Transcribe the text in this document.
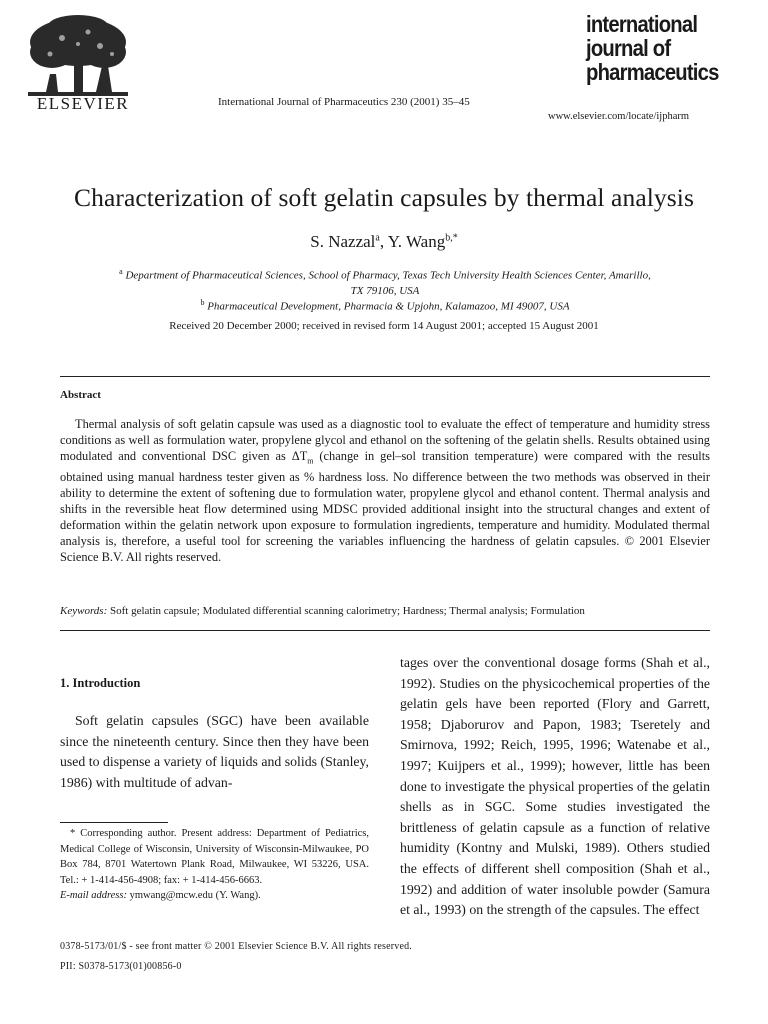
ELSEVIER	International Journal of Pharmaceutics 230 (2001) 35–45
international
journal of
pharmaceutics
www.elsevier.com/locate/ijpharm
Characterization of soft gelatin capsules by thermal analysis
S. Nazzal$^a$, Y. Wang$^{b,*}$
$^a$ Department of Pharmaceutical Sciences, School of Pharmacy, Texas Tech University Health Sciences Center, Amarillo,
TX 79106, USA
$^b$ Pharmaceutical Development, Pharmacia & Upjohn, Kalamazoo, MI 49007, USA
Received 20 December 2000; received in revised form 14 August 2001; accepted 15 August 2001
Abstract
Thermal analysis of soft gelatin capsule was used as a diagnostic tool to evaluate the effect of temperature and humidity stress conditions as well as formulation water, propylene glycol and ethanol on the softening of the gelatin shells. Results obtained using modulated and conventional DSC given as $\Delta T_m$ (change in gel–sol transition temperature) were compared with the results obtained using manual hardness tester given as % hardness loss. No difference between the two methods was observed in their ability to determine the extent of softening due to formulation water, propylene glycol and ethanol content. Thermal analysis and shifts in the reversible heat flow determined using MDSC provided additional insight into the structural changes and extent of deformation within the gelatin network upon exposure to formulation ingredients, temperature and humidity. Modulated thermal analysis is, therefore, a useful tool for screening the variables influencing the hardness of gelatin capsules. © 2001 Elsevier Science B.V. All rights reserved.
Keywords: Soft gelatin capsule; Modulated differential scanning calorimetry; Hardness; Thermal analysis; Formulation
1. Introduction
Soft gelatin capsules (SGC) have been available since the nineteenth century. Since then they have been used to dispense a variety of liquids and solids (Stanley, 1986) with multitude of advan-
* Corresponding author. Present address: Department of Pediatrics, Medical College of Wisconsin, University of Wisconsin-Milwaukee, PO Box 784, 8701 Watertown Plank Road, Milwaukee, WI 53226, USA. Tel.: + 1-414-456-4908; fax: + 1-414-456-6663.
E-mail address: ymwang@mcw.edu (Y. Wang).
tages over the conventional dosage forms (Shah et al., 1992). Studies on the physicochemical properties of the gelatin gels have been reported (Flory and Garrett, 1958; Djaborurov and Papon, 1983; Tseretely and Smirnova, 1992; Reich, 1995, 1996; Watenabe et al., 1997; Kuijpers et al., 1999); however, little has been done to investigate the physical properties of the gelatin shells as in SGC. Some studies investigated the brittleness of gelatin capsule as a function of relative humidity (Kontny and Mulski, 1989). Others studied the effects of different shell composition (Shah et al., 1992) and addition of water insoluble powder (Samura et al., 1993) on the strength of the capsules. The effect
0378-5173/01/$ - see front matter © 2001 Elsevier Science B.V. All rights reserved.
PII: S0378-5173(01)00856-0
